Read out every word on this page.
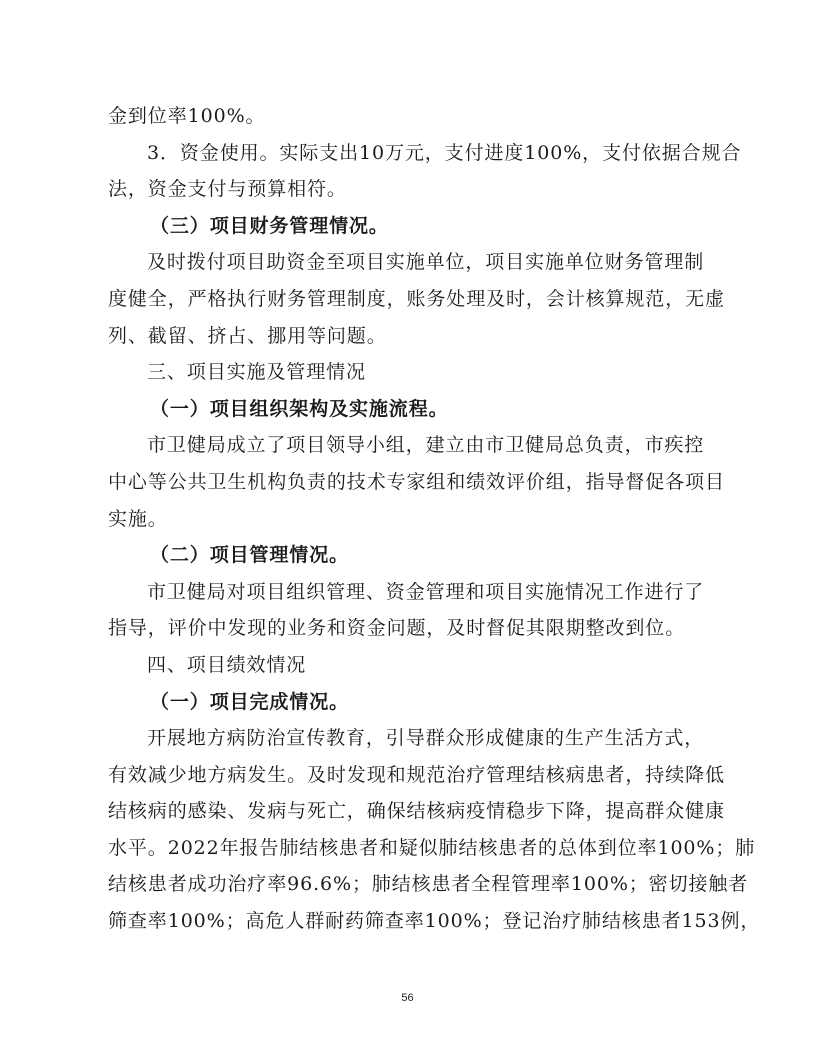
金到位率100%。
3．资金使用。实际支出10万元，支付进度100%，支付依据合规合
法，资金支付与预算相符。
（三）项目财务管理情况。
及时拨付项目助资金至项目实施单位，项目实施单位财务管理制
度健全，严格执行财务管理制度，账务处理及时，会计核算规范，无虚
列、截留、挤占、挪用等问题。
三、项目实施及管理情况
（一）项目组织架构及实施流程。
市卫健局成立了项目领导小组，建立由市卫健局总负责，市疾控
中心等公共卫生机构负责的技术专家组和绩效评价组，指导督促各项目
实施。
（二）项目管理情况。
市卫健局对项目组织管理、资金管理和项目实施情况工作进行了
指导，评价中发现的业务和资金问题，及时督促其限期整改到位。
四、项目绩效情况
（一）项目完成情况。
开展地方病防治宣传教育，引导群众形成健康的生产生活方式，
有效减少地方病发生。及时发现和规范治疗管理结核病患者，持续降低
结核病的感染、发病与死亡，确保结核病疫情稳步下降，提高群众健康
水平。2022年报告肺结核患者和疑似肺结核患者的总体到位率100%；肺
结核患者成功治疗率96.6%；肺结核患者全程管理率100%；密切接触者
筛查率100%；高危人群耐药筛查率100%；登记治疗肺结核患者153例，
56
